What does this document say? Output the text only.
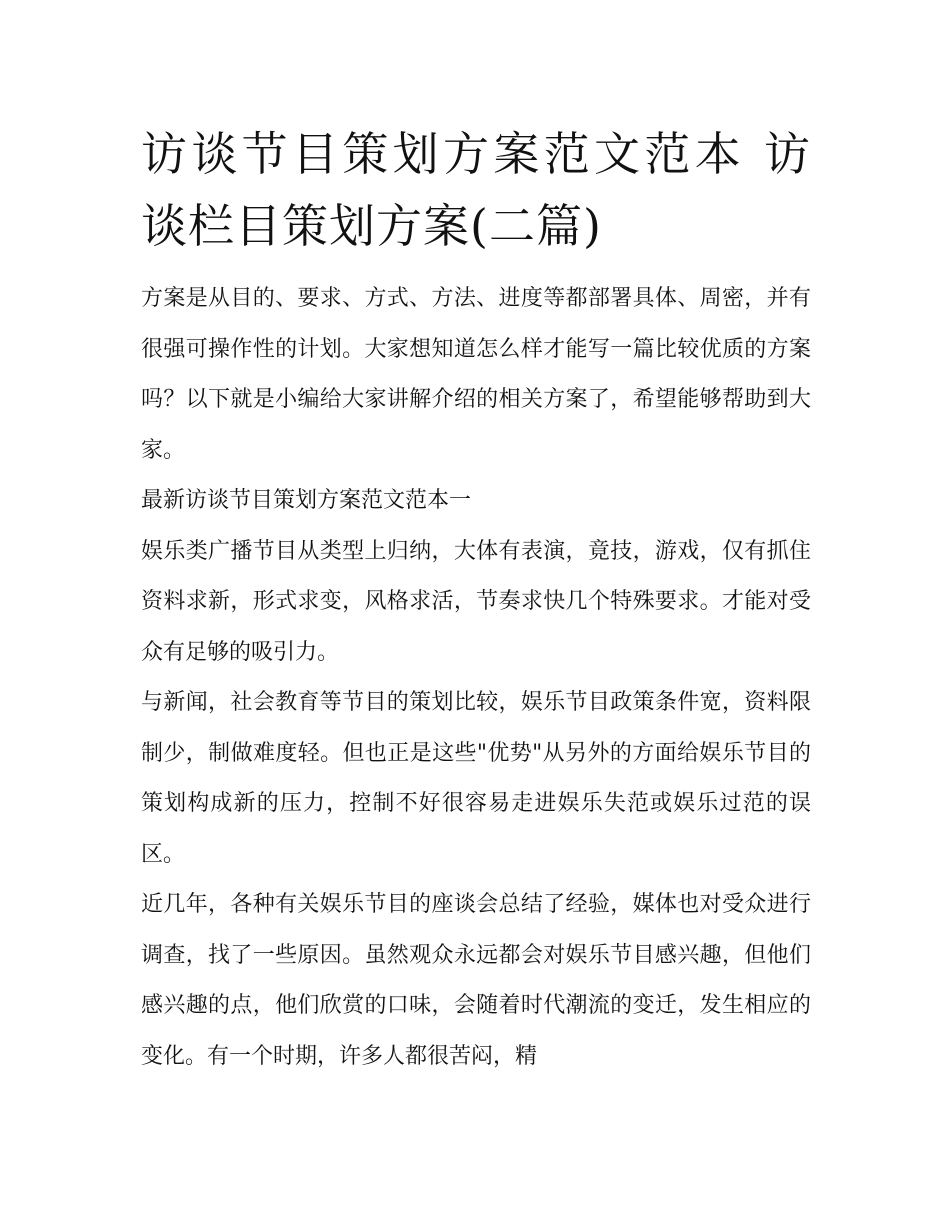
访谈节目策划方案范文范本 访谈栏目策划方案(二篇)

方案是从目的、要求、方式、方法、进度等都部署具体、周密，并有很强可操作性的计划。大家想知道怎么样才能写一篇比较优质的方案吗？以下就是小编给大家讲解介绍的相关方案了，希望能够帮助到大家。

最新访谈节目策划方案范文范本一

娱乐类广播节目从类型上归纳，大体有表演，竟技，游戏，仅有抓住资料求新，形式求变，风格求活，节奏求快几个特殊要求。才能对受众有足够的吸引力。

与新闻，社会教育等节目的策划比较，娱乐节目政策条件宽，资料限制少，制做难度轻。但也正是这些"优势"从另外的方面给娱乐节目的策划构成新的压力，控制不好很容易走进娱乐失范或娱乐过范的误区。

近几年，各种有关娱乐节目的座谈会总结了经验，媒体也对受众进行调查，找了一些原因。虽然观众永远都会对娱乐节目感兴趣，但他们感兴趣的点，他们欣赏的口味，会随着时代潮流的变迁，发生相应的变化。有一个时期，许多人都很苦闷，精
